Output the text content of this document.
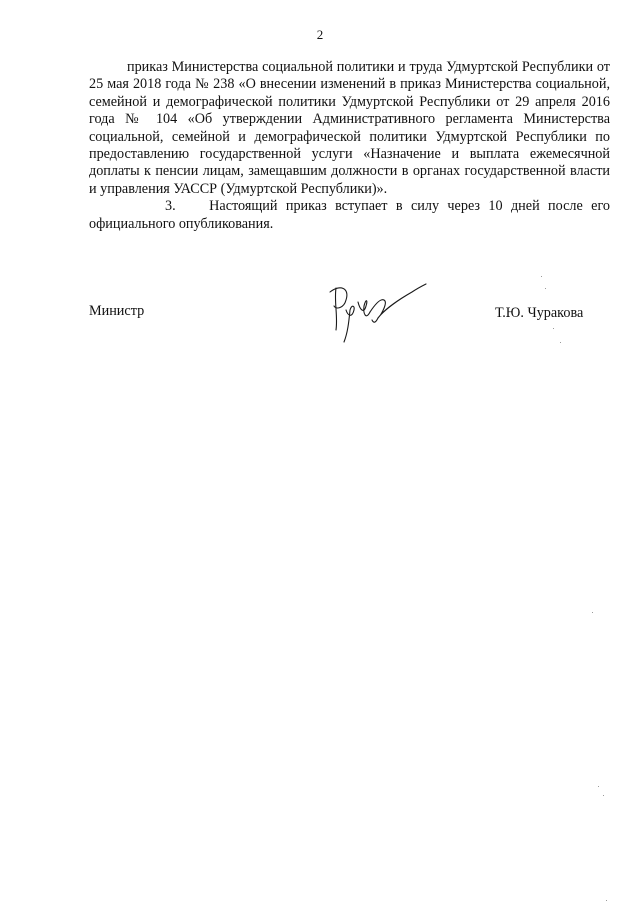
2

приказ Министерства социальной политики и труда Удмуртской Республики от 25 мая 2018 года № 238 «О внесении изменений в приказ Министерства социальной, семейной и демографической политики Удмуртской Республики от 29 апреля 2016 года № 104 «Об утверждении Административного регламента Министерства социальной, семейной и демографической политики Удмуртской Республики по предоставлению государственной услуги «Назначение и выплата ежемесячной доплаты к пенсии лицам, замещавшим должности в органах государственной власти и управления УАССР (Удмуртской Республики)».

3. Настоящий приказ вступает в силу через 10 дней после его официального опубликования.

Министр	Т.Ю. Чуракова
